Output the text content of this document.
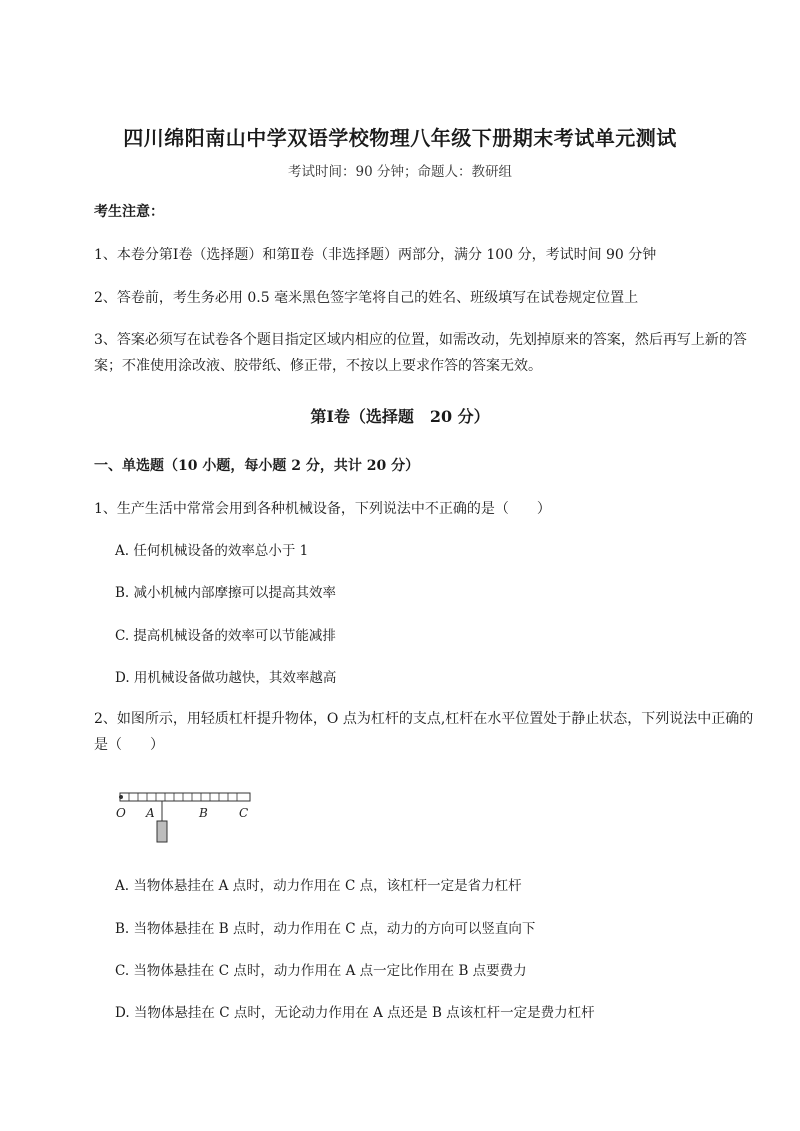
四川绵阳南山中学双语学校物理八年级下册期末考试单元测试
考试时间：90 分钟；命题人：教研组
考生注意：
1、本卷分第Ⅰ卷（选择题）和第Ⅱ卷（非选择题）两部分，满分 100 分，考试时间 90 分钟
2、答卷前，考生务必用 0.5 毫米黑色签字笔将自己的姓名、班级填写在试卷规定位置上
3、答案必须写在试卷各个题目指定区域内相应的位置，如需改动，先划掉原来的答案，然后再写上新的答案；不准使用涂改液、胶带纸、修正带，不按以上要求作答的答案无效。
第Ⅰ卷（选择题　20 分）
一、单选题（10 小题，每小题 2 分，共计 20 分）
1、生产生活中常常会用到各种机械设备，下列说法中不正确的是（　　）
A. 任何机械设备的效率总小于 1
B. 减小机械内部摩擦可以提高其效率
C. 提高机械设备的效率可以节能减排
D. 用机械设备做功越快，其效率越高
2、如图所示，用轻质杠杆提升物体，O 点为杠杆的支点,杠杆在水平位置处于静止状态，下列说法中正确的是（　　）
O A	B	C
A. 当物体悬挂在 A 点时，动力作用在 C 点，该杠杆一定是省力杠杆
B. 当物体悬挂在 B 点时，动力作用在 C 点，动力的方向可以竖直向下
C. 当物体悬挂在 C 点时，动力作用在 A 点一定比作用在 B 点要费力
D. 当物体悬挂在 C 点时，无论动力作用在 A 点还是 B 点该杠杆一定是费力杠杆
